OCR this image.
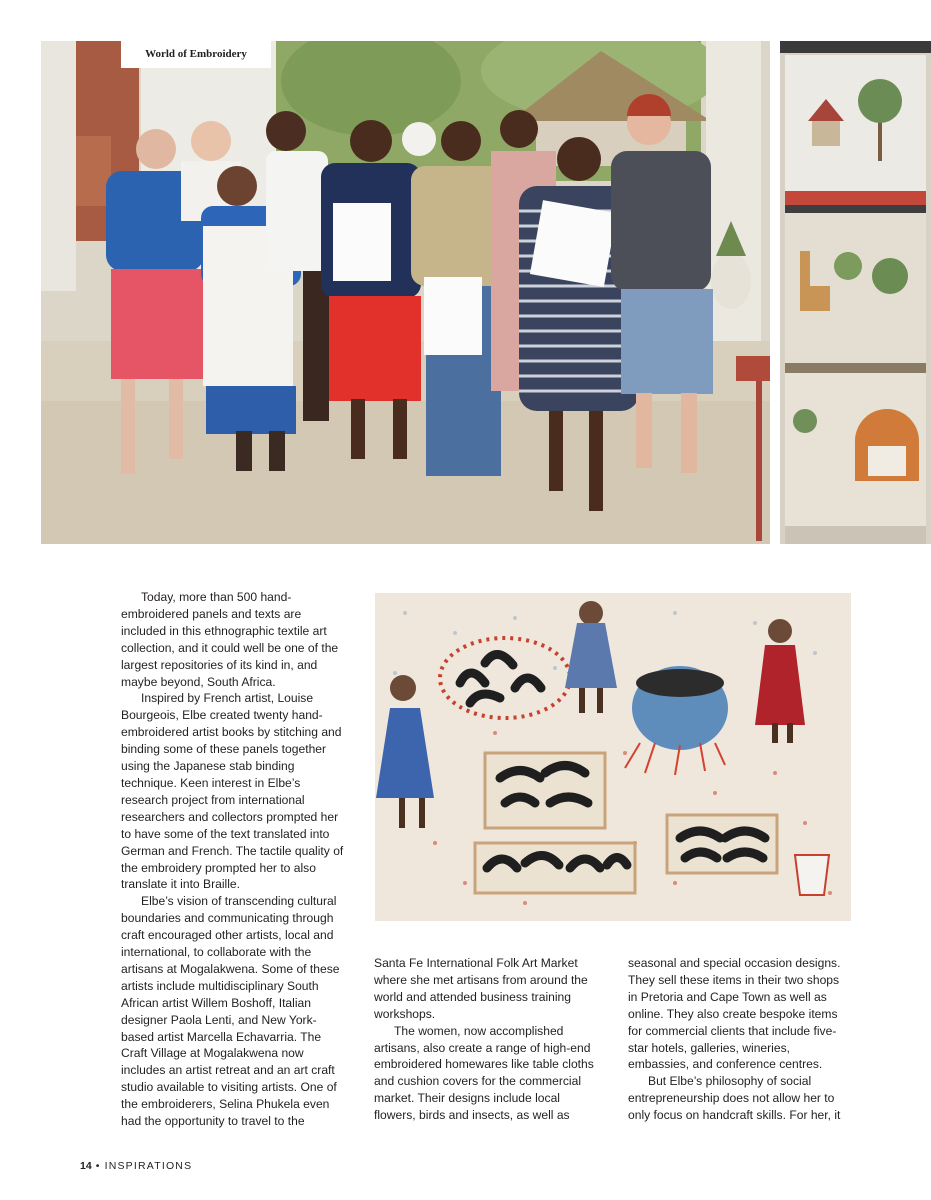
World of Embroidery

Today, more than 500 hand-embroidered panels and texts are included in this ethnographic textile art collection, and it could well be one of the largest repositories of its kind in, and maybe beyond, South Africa.

Inspired by French artist, Louise Bourgeois, Elbe created twenty hand-embroidered artist books by stitching and binding some of these panels together using the Japanese stab binding technique. Keen interest in Elbe’s research project from international researchers and collectors prompted her to have some of the text translated into German and French. The tactile quality of the embroidery prompted her to also translate it into Braille.

Elbe’s vision of transcending cultural boundaries and communicating through craft encouraged other artists, local and international, to collaborate with the artisans at Mogalakwena. Some of these artists include multidisciplinary South African artist Willem Boshoff, Italian designer Paola Lenti, and New York-based artist Marcella Echavarria. The Craft Village at Mogalakwena now includes an artist retreat and an art craft studio available to visiting artists. One of the embroiderers, Selina Phukela even had the opportunity to travel to the

Santa Fe International Folk Art Market where she met artisans from around the world and attended business training workshops.

The women, now accomplished artisans, also create a range of high-end embroidered homewares like table cloths and cushion covers for the commercial market. Their designs include local flowers, birds and insects, as well as

seasonal and special occasion designs. They sell these items in their two shops in Pretoria and Cape Town as well as online. They also create bespoke items for commercial clients that include five-star hotels, galleries, wineries, embassies, and conference centres.

But Elbe’s philosophy of social entrepreneurship does not allow her to only focus on handcraft skills. For her, it

14 • INSPIRATIONS
